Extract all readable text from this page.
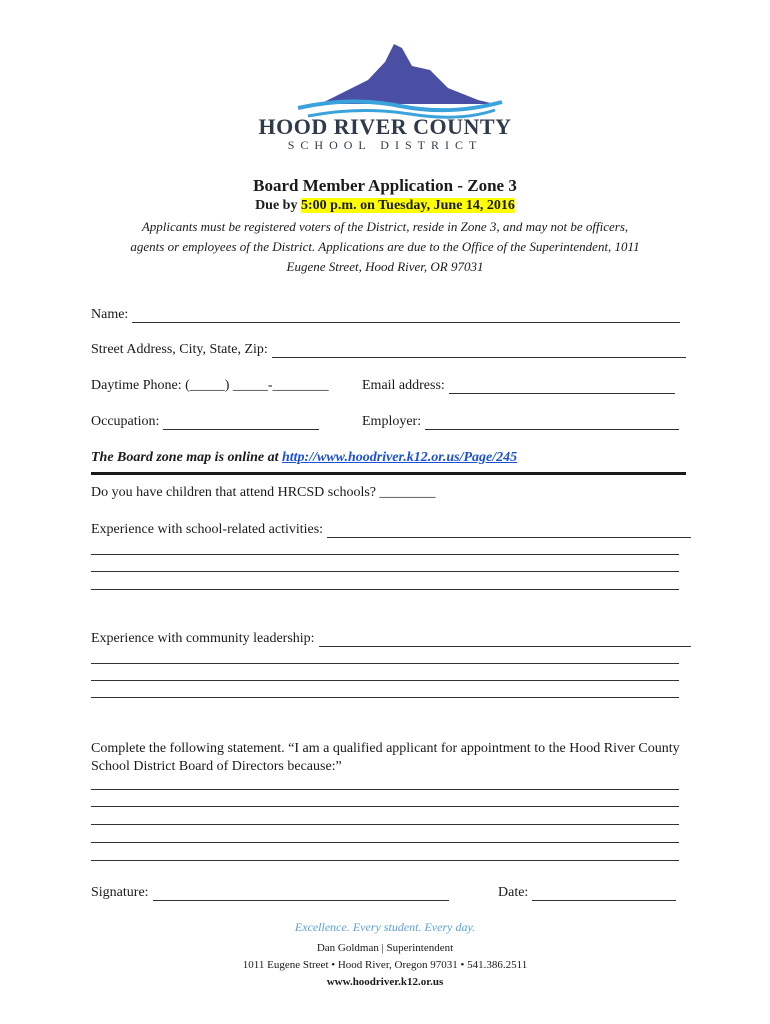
HOOD RIVER COUNTY
SCHOOL DISTRICT
Board Member Application - Zone 3
Due by 5:00 p.m. on Tuesday, June 14, 2016
Applicants must be registered voters of the District, reside in Zone 3, and may not be officers, agents or employees of the District. Applications are due to the Office of the Superintendent, 1011 Eugene Street, Hood River, OR 97031
Name:
Street Address, City, State, Zip:
Daytime Phone: (_____) _____-________ Email address:
Occupation:	Employer:
The Board zone map is online at http://www.hoodriver.k12.or.us/Page/245
Do you have children that attend HRCSD schools? ________
Experience with school-related activities:
Experience with community leadership:
Complete the following statement. “I am a qualified applicant for appointment to the Hood River County School District Board of Directors because:”
Signature:	Date:
Excellence. Every student. Every day.
Dan Goldman | Superintendent
1011 Eugene Street • Hood River, Oregon 97031 • 541.386.2511
www.hoodriver.k12.or.us
